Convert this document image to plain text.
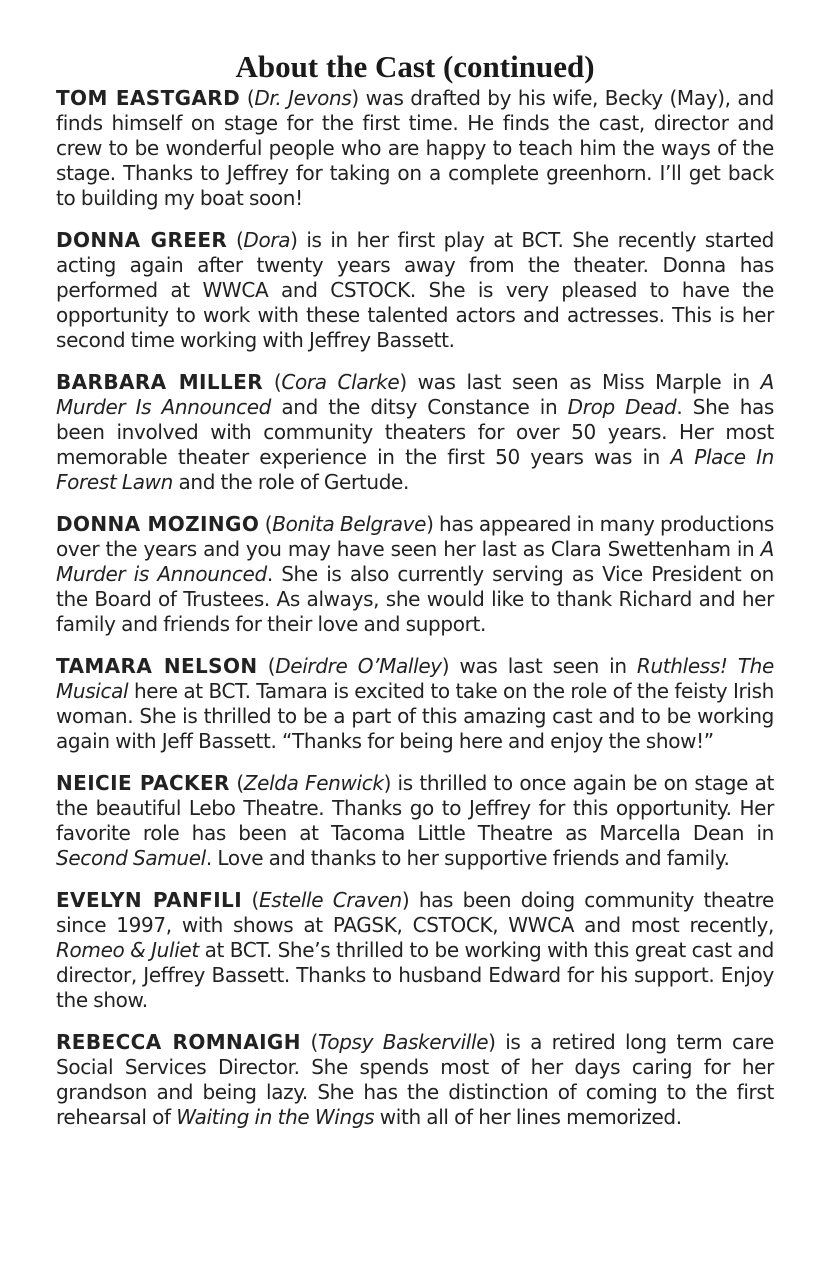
About the Cast (continued)

TOM EASTGARD (Dr. Jevons) was drafted by his wife, Becky (May), and finds himself on stage for the first time. He finds the cast, director and crew to be wonderful people who are happy to teach him the ways of the stage. Thanks to Jeffrey for taking on a complete greenhorn. I’ll get back to building my boat soon!

DONNA GREER (Dora) is in her first play at BCT. She recently started acting again after twenty years away from the theater. Donna has performed at WWCA and CSTOCK. She is very pleased to have the opportunity to work with these talented actors and actresses. This is her second time working with Jeffrey Bassett.

BARBARA MILLER (Cora Clarke) was last seen as Miss Marple in A Murder Is Announced and the ditsy Constance in Drop Dead. She has been involved with community theaters for over 50 years. Her most memorable theater experience in the first 50 years was in A Place In Forest Lawn and the role of Gertude.

DONNA MOZINGO (Bonita Belgrave) has appeared in many productions over the years and you may have seen her last as Clara Swettenham in A Murder is Announced. She is also currently serving as Vice President on the Board of Trustees. As always, she would like to thank Richard and her family and friends for their love and support.

TAMARA NELSON (Deirdre O’Malley) was last seen in Ruthless! The Musical here at BCT. Tamara is excited to take on the role of the feisty Irish woman. She is thrilled to be a part of this amazing cast and to be working again with Jeff Bassett. “Thanks for being here and enjoy the show!”

NEICIE PACKER (Zelda Fenwick) is thrilled to once again be on stage at the beautiful Lebo Theatre. Thanks go to Jeffrey for this opportunity. Her favorite role has been at Tacoma Little Theatre as Marcella Dean in Second Samuel. Love and thanks to her supportive friends and family.

EVELYN PANFILI (Estelle Craven) has been doing community theatre since 1997, with shows at PAGSK, CSTOCK, WWCA and most recently, Romeo & Juliet at BCT. She’s thrilled to be working with this great cast and director, Jeffrey Bassett. Thanks to husband Edward for his support. Enjoy the show.

REBECCA ROMNAIGH (Topsy Baskerville) is a retired long term care Social Services Director. She spends most of her days caring for her grandson and being lazy. She has the distinction of coming to the first rehearsal of Waiting in the Wings with all of her lines memorized.
